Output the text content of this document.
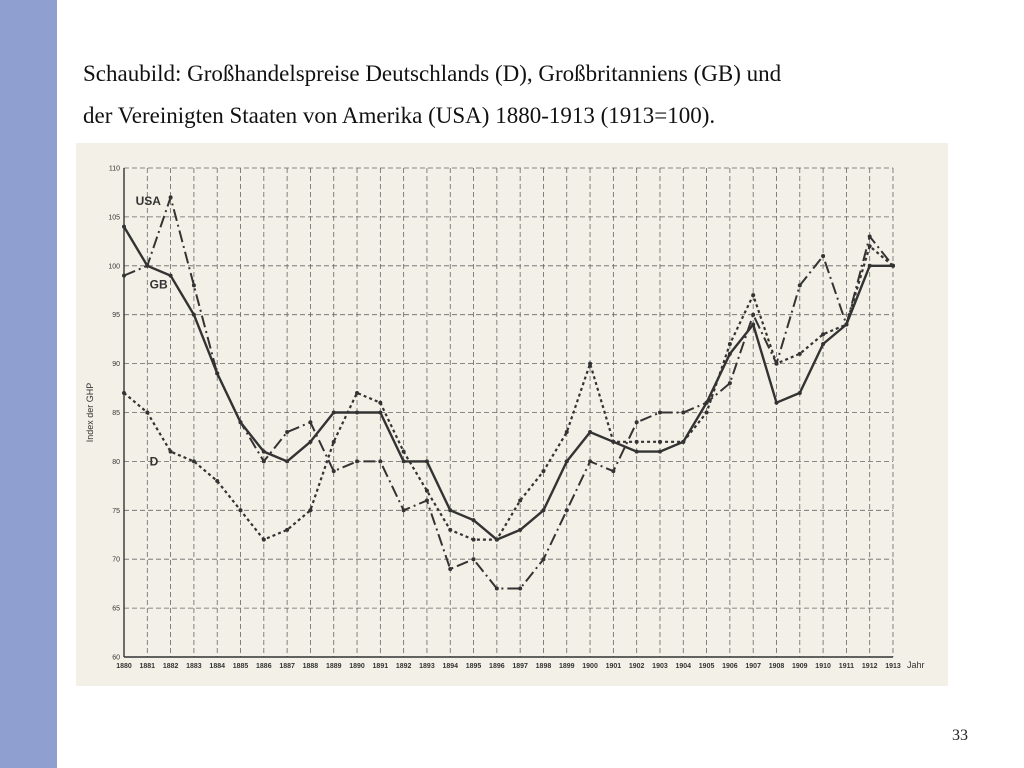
Schaubild: Großhandelspreise Deutschlands (D), Großbritanniens (GB) und
der Vereinigten Staaten von Amerika (USA) 1880-1913 (1913=100).
60
65
70
75
80
85
90
95
100
105
110
1880 1881 1882 1883 1884 1885 1886 1887 1888 1889 1890 1891 1892 1893 1894 1895 1896 1897 1898 1899 1900 1901 1902 1903 1904 1905 1906 1907 1908 1909 1910 1911 1912 1913
Index der GHP
Jahr
USA
GB
D
33
